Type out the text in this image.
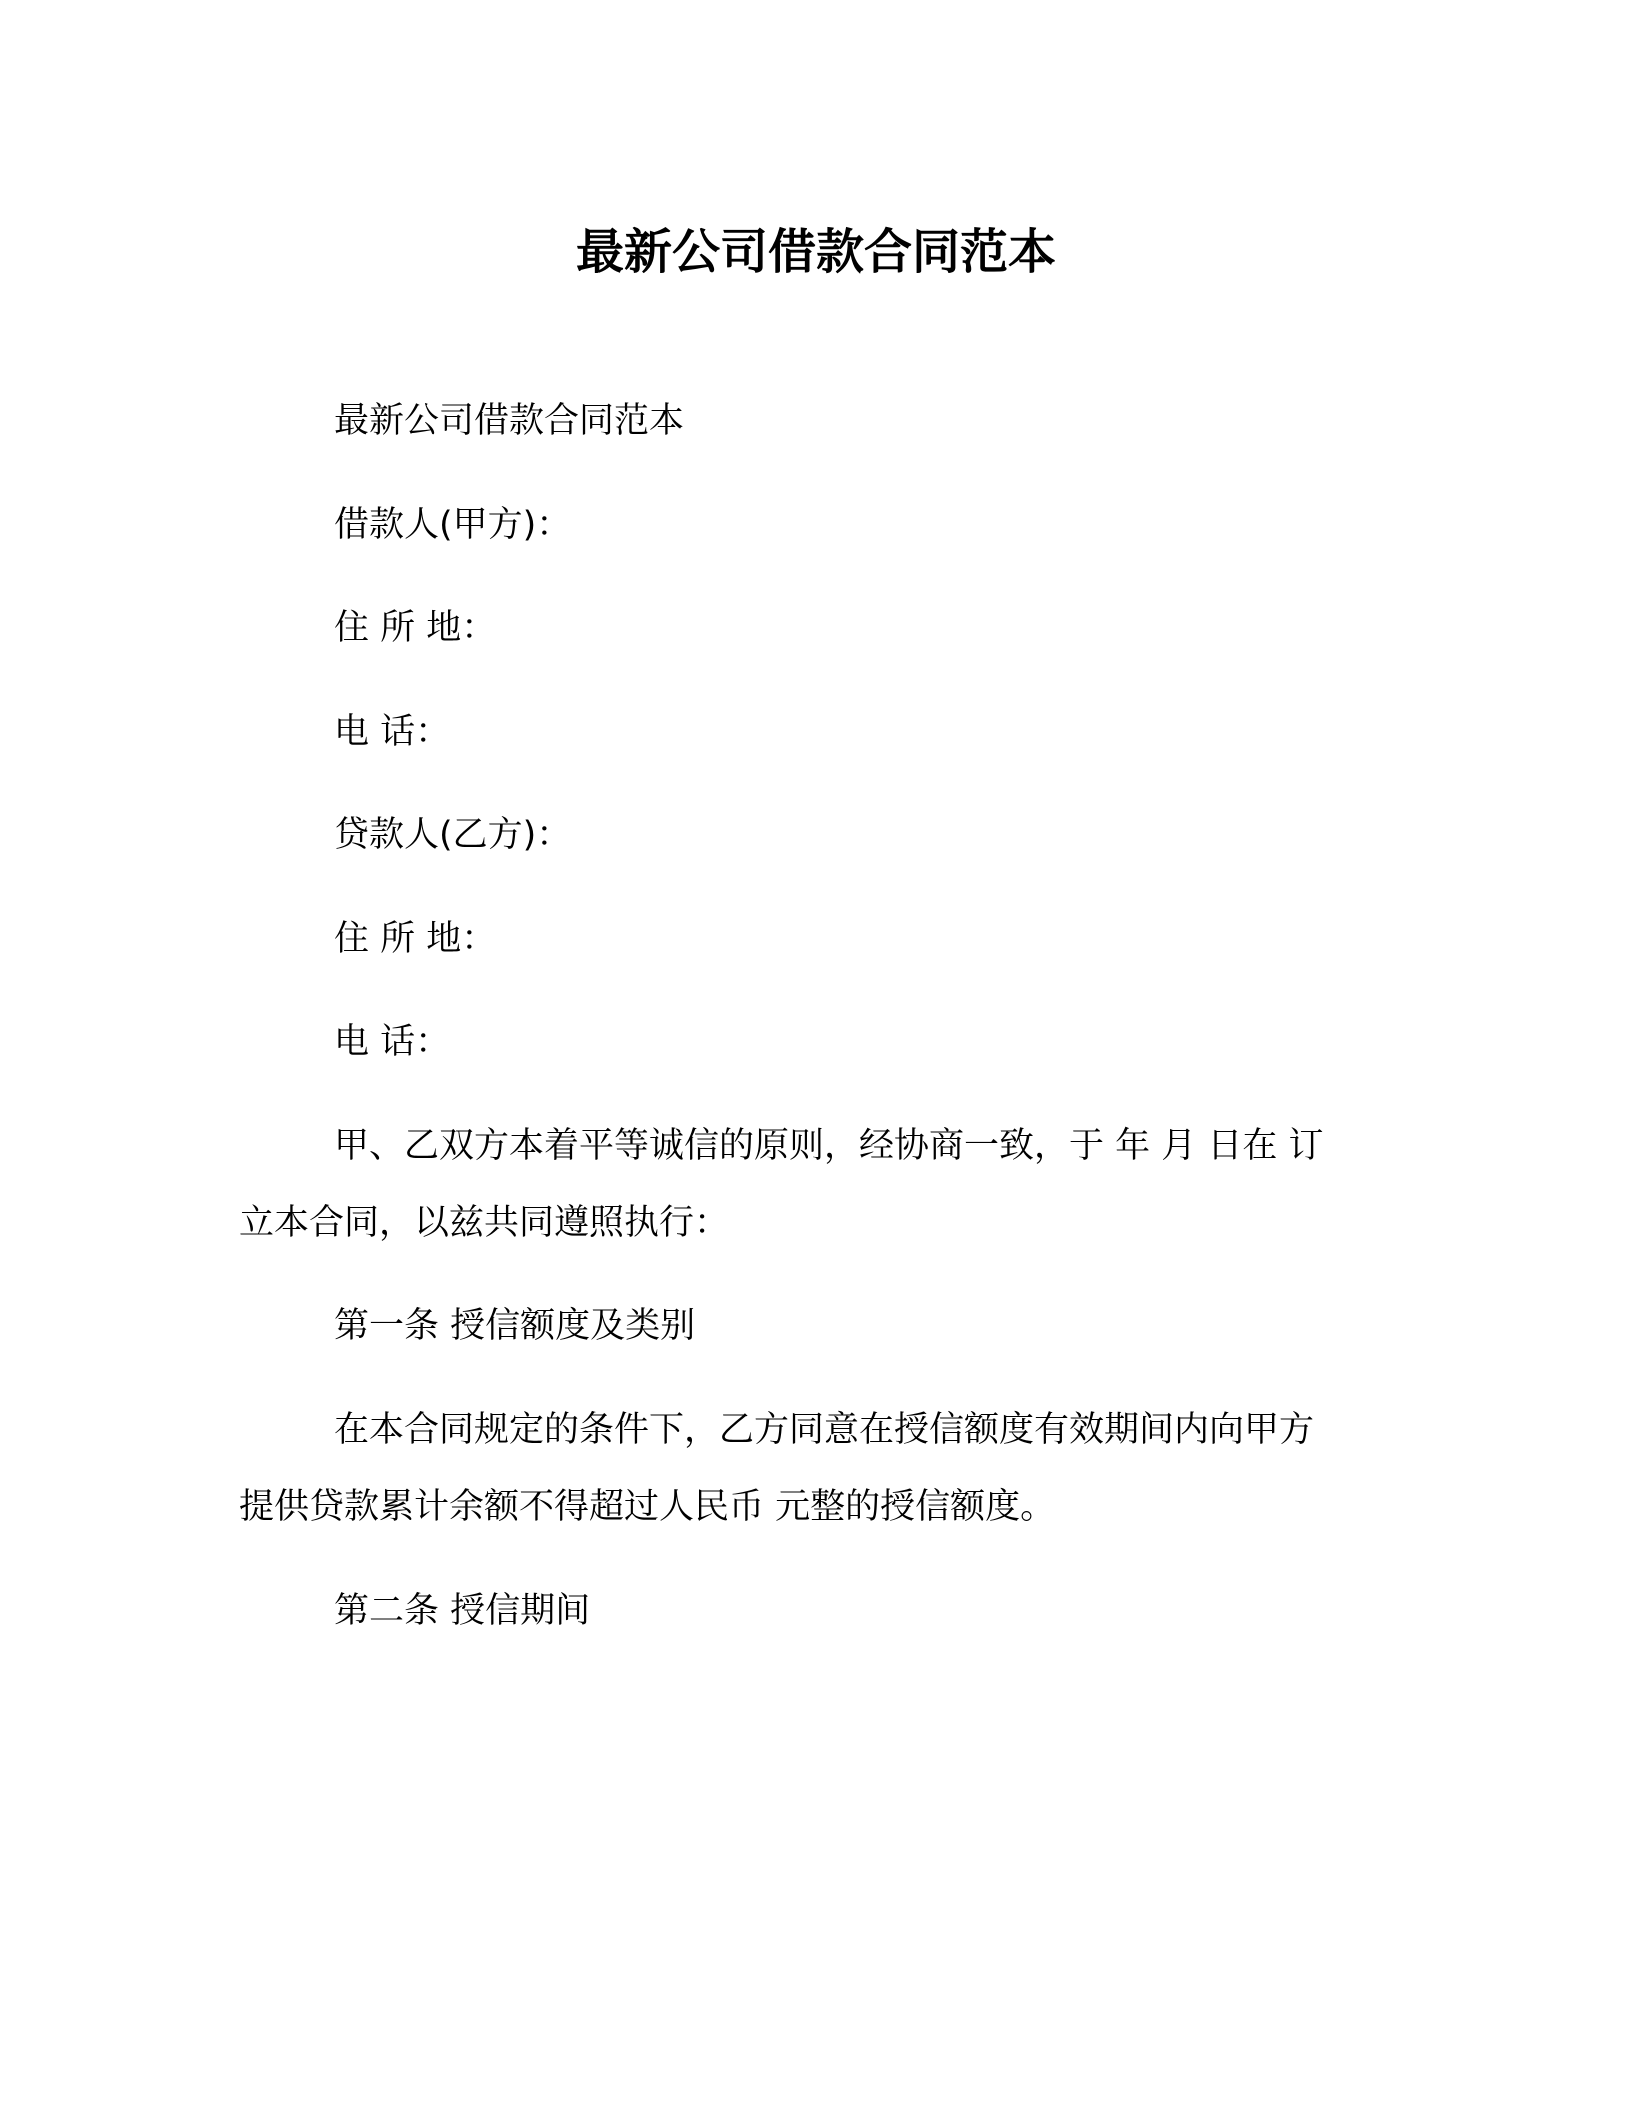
最新公司借款合同范本
最新公司借款合同范本
借款人(甲方)：
住 所 地：
电 话：
贷款人(乙方)：
住 所 地：
电 话：
甲、乙双方本着平等诚信的原则，经协商一致，于 年 月 日在 订
立本合同，以兹共同遵照执行：
第一条 授信额度及类别
在本合同规定的条件下，乙方同意在授信额度有效期间内向甲方
提供贷款累计余额不得超过人民币 元整的授信额度。
第二条 授信期间
